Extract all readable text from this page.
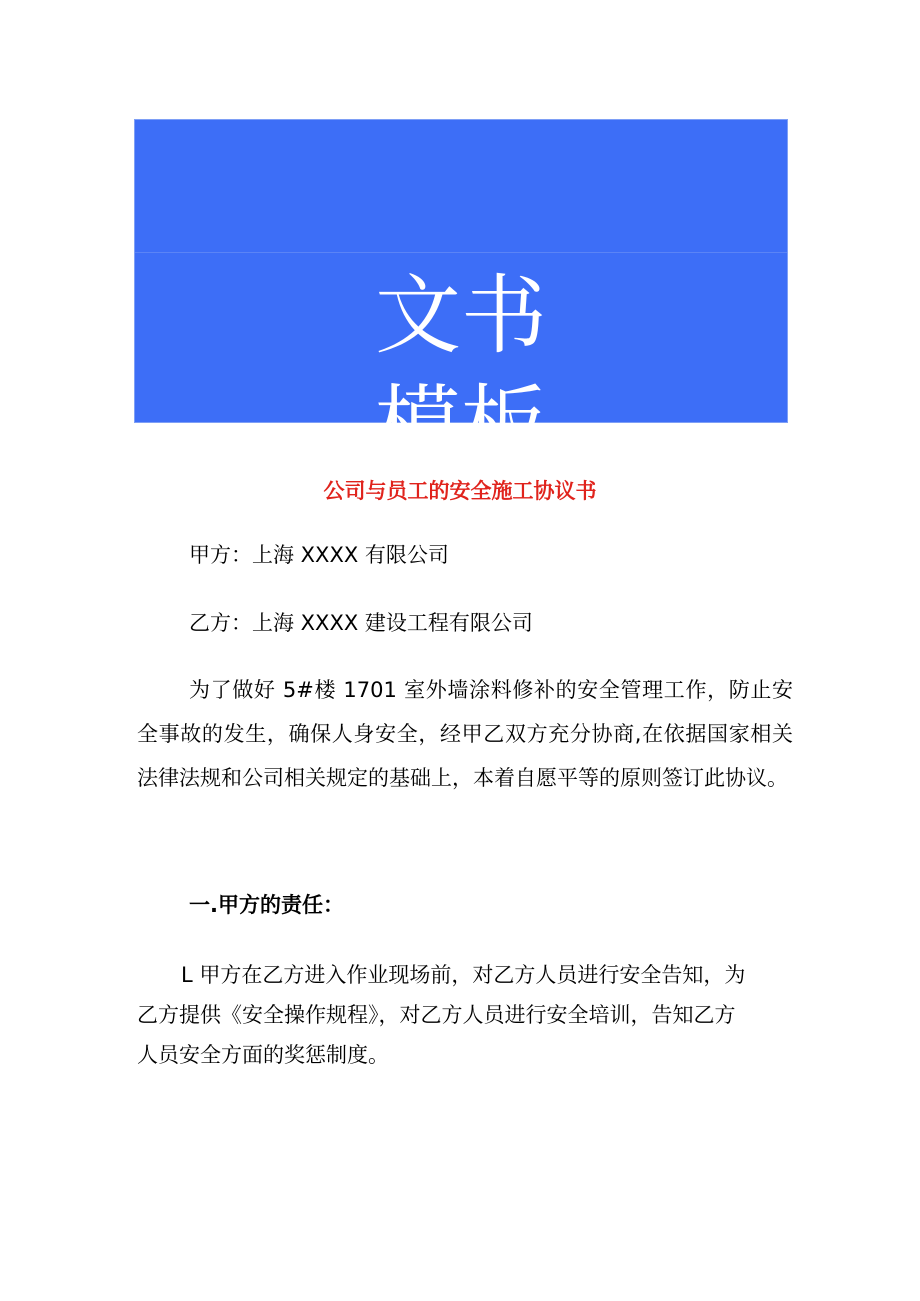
文书
模板
公司与员工的安全施工协议书
甲方：上海 XXXX 有限公司
乙方：上海 XXXX 建设工程有限公司
为了做好 5#楼 1701 室外墙涂料修补的安全管理工作，防止安全事故的发生，确保人身安全，经甲乙双方充分协商,在依据国家相关法律法规和公司相关规定的基础上，本着自愿平等的原则签订此协议。
一.甲方的责任：
L 甲方在乙方进入作业现场前，对乙方人员进行安全告知，为乙方提供《安全操作规程》，对乙方人员进行安全培训，告知乙方人员安全方面的奖惩制度。
